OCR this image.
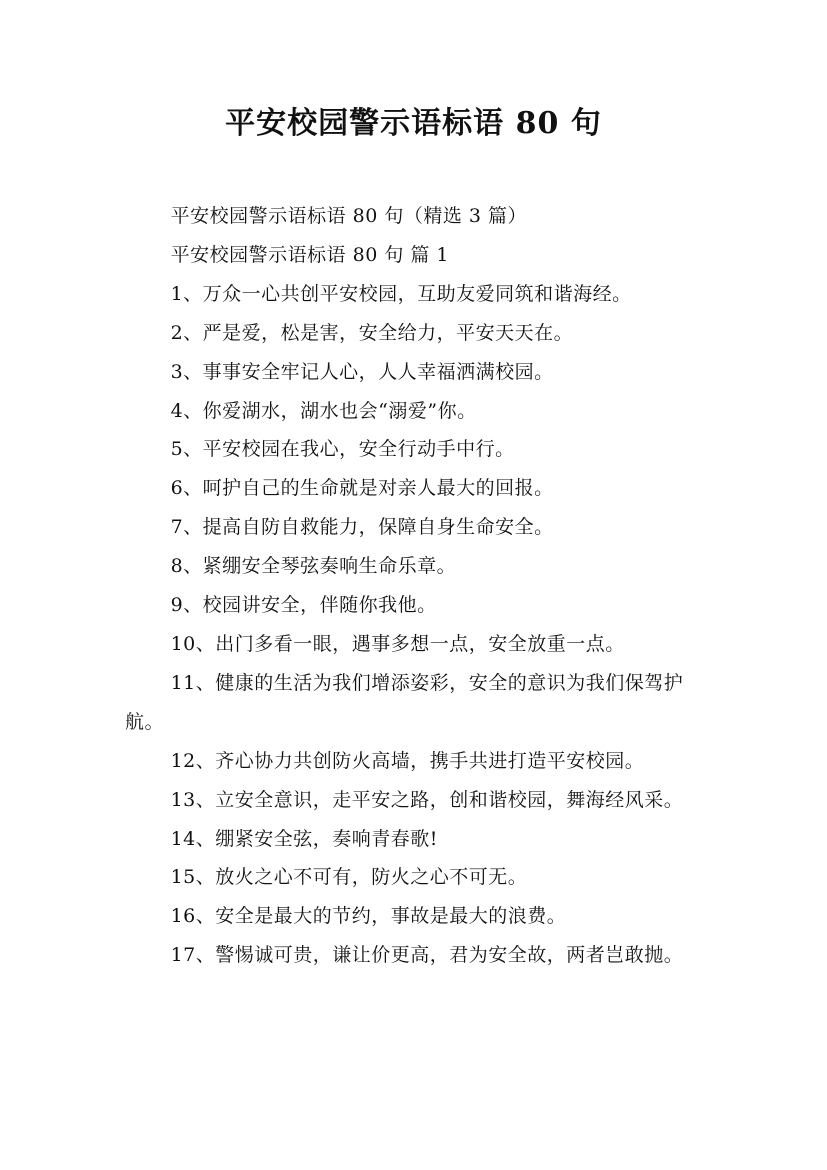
平安校园警示语标语 80 句

平安校园警示语标语 80 句（精选 3 篇）

平安校园警示语标语 80 句 篇 1

1、万众一心共创平安校园，互助友爱同筑和谐海经。

2、严是爱，松是害，安全给力，平安天天在。

3、事事安全牢记人心，人人幸福洒满校园。

4、你爱湖水，湖水也会“溺爱”你。

5、平安校园在我心，安全行动手中行。

6、呵护自己的生命就是对亲人最大的回报。

7、提高自防自救能力，保障自身生命安全。

8、紧绷安全琴弦奏响生命乐章。

9、校园讲安全，伴随你我他。

10、出门多看一眼，遇事多想一点，安全放重一点。

11、健康的生活为我们增添姿彩，安全的意识为我们保驾护航。

12、齐心协力共创防火高墙，携手共进打造平安校园。

13、立安全意识，走平安之路，创和谐校园，舞海经风采。

14、绷紧安全弦，奏响青春歌!

15、放火之心不可有，防火之心不可无。

16、安全是最大的节约，事故是最大的浪费。

17、警惕诚可贵，谦让价更高，君为安全故，两者岂敢抛。
